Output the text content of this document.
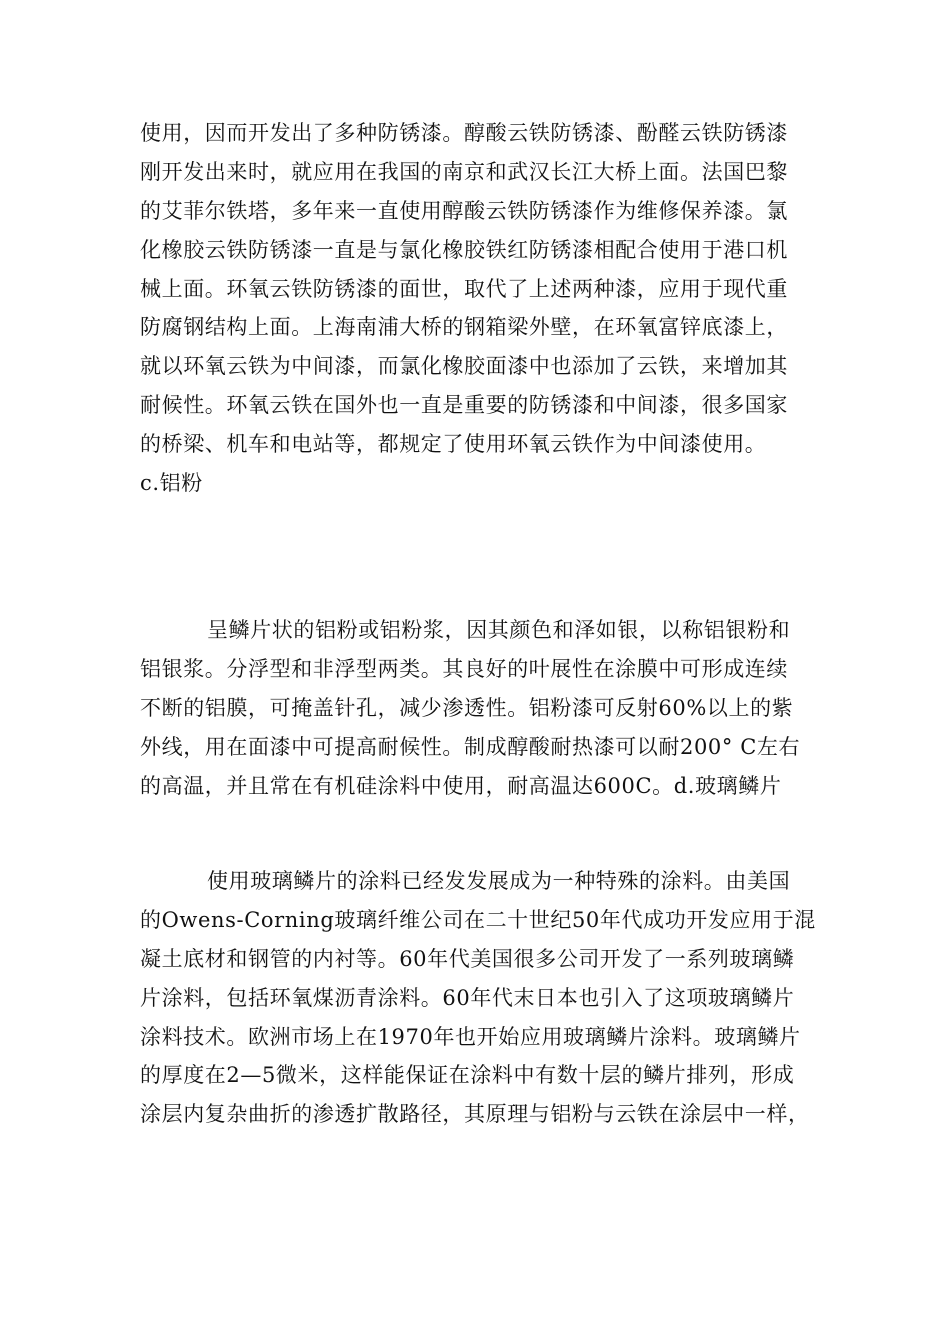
使用，因而开发出了多种防锈漆。醇酸云铁防锈漆、酚醛云铁防锈漆
刚开发出来时，就应用在我国的南京和武汉长江大桥上面。法国巴黎
的艾菲尔铁塔，多年来一直使用醇酸云铁防锈漆作为维修保养漆。氯
化橡胶云铁防锈漆一直是与氯化橡胶铁红防锈漆相配合使用于港口机
械上面。环氧云铁防锈漆的面世，取代了上述两种漆，应用于现代重
防腐钢结构上面。上海南浦大桥的钢箱梁外壁，在环氧富锌底漆上，
就以环氧云铁为中间漆，而氯化橡胶面漆中也添加了云铁，来增加其
耐候性。环氧云铁在国外也一直是重要的防锈漆和中间漆，很多国家
的桥梁、机车和电站等，都规定了使用环氧云铁作为中间漆使用。
c.铝粉
呈鳞片状的铝粉或铝粉浆，因其颜色和泽如银，以称铝银粉和
铝银浆。分浮型和非浮型两类。其良好的叶展性在涂膜中可形成连续
不断的铝膜，可掩盖针孔，减少渗透性。铝粉漆可反射60%以上的紫
外线，用在面漆中可提高耐候性。制成醇酸耐热漆可以耐200° C左右
的高温，并且常在有机硅涂料中使用，耐高温达600C。d.玻璃鳞片
使用玻璃鳞片的涂料已经发发展成为一种特殊的涂料。由美国
的Owens-Corning玻璃纤维公司在二十世纪50年代成功开发应用于混
凝土底材和钢管的内衬等。60年代美国很多公司开发了一系列玻璃鳞
片涂料，包括环氧煤沥青涂料。60年代末日本也引入了这项玻璃鳞片
涂料技术。欧洲市场上在1970年也开始应用玻璃鳞片涂料。玻璃鳞片
的厚度在2—5微米，这样能保证在涂料中有数十层的鳞片排列，形成
涂层内复杂曲折的渗透扩散路径，其原理与铝粉与云铁在涂层中一样，
